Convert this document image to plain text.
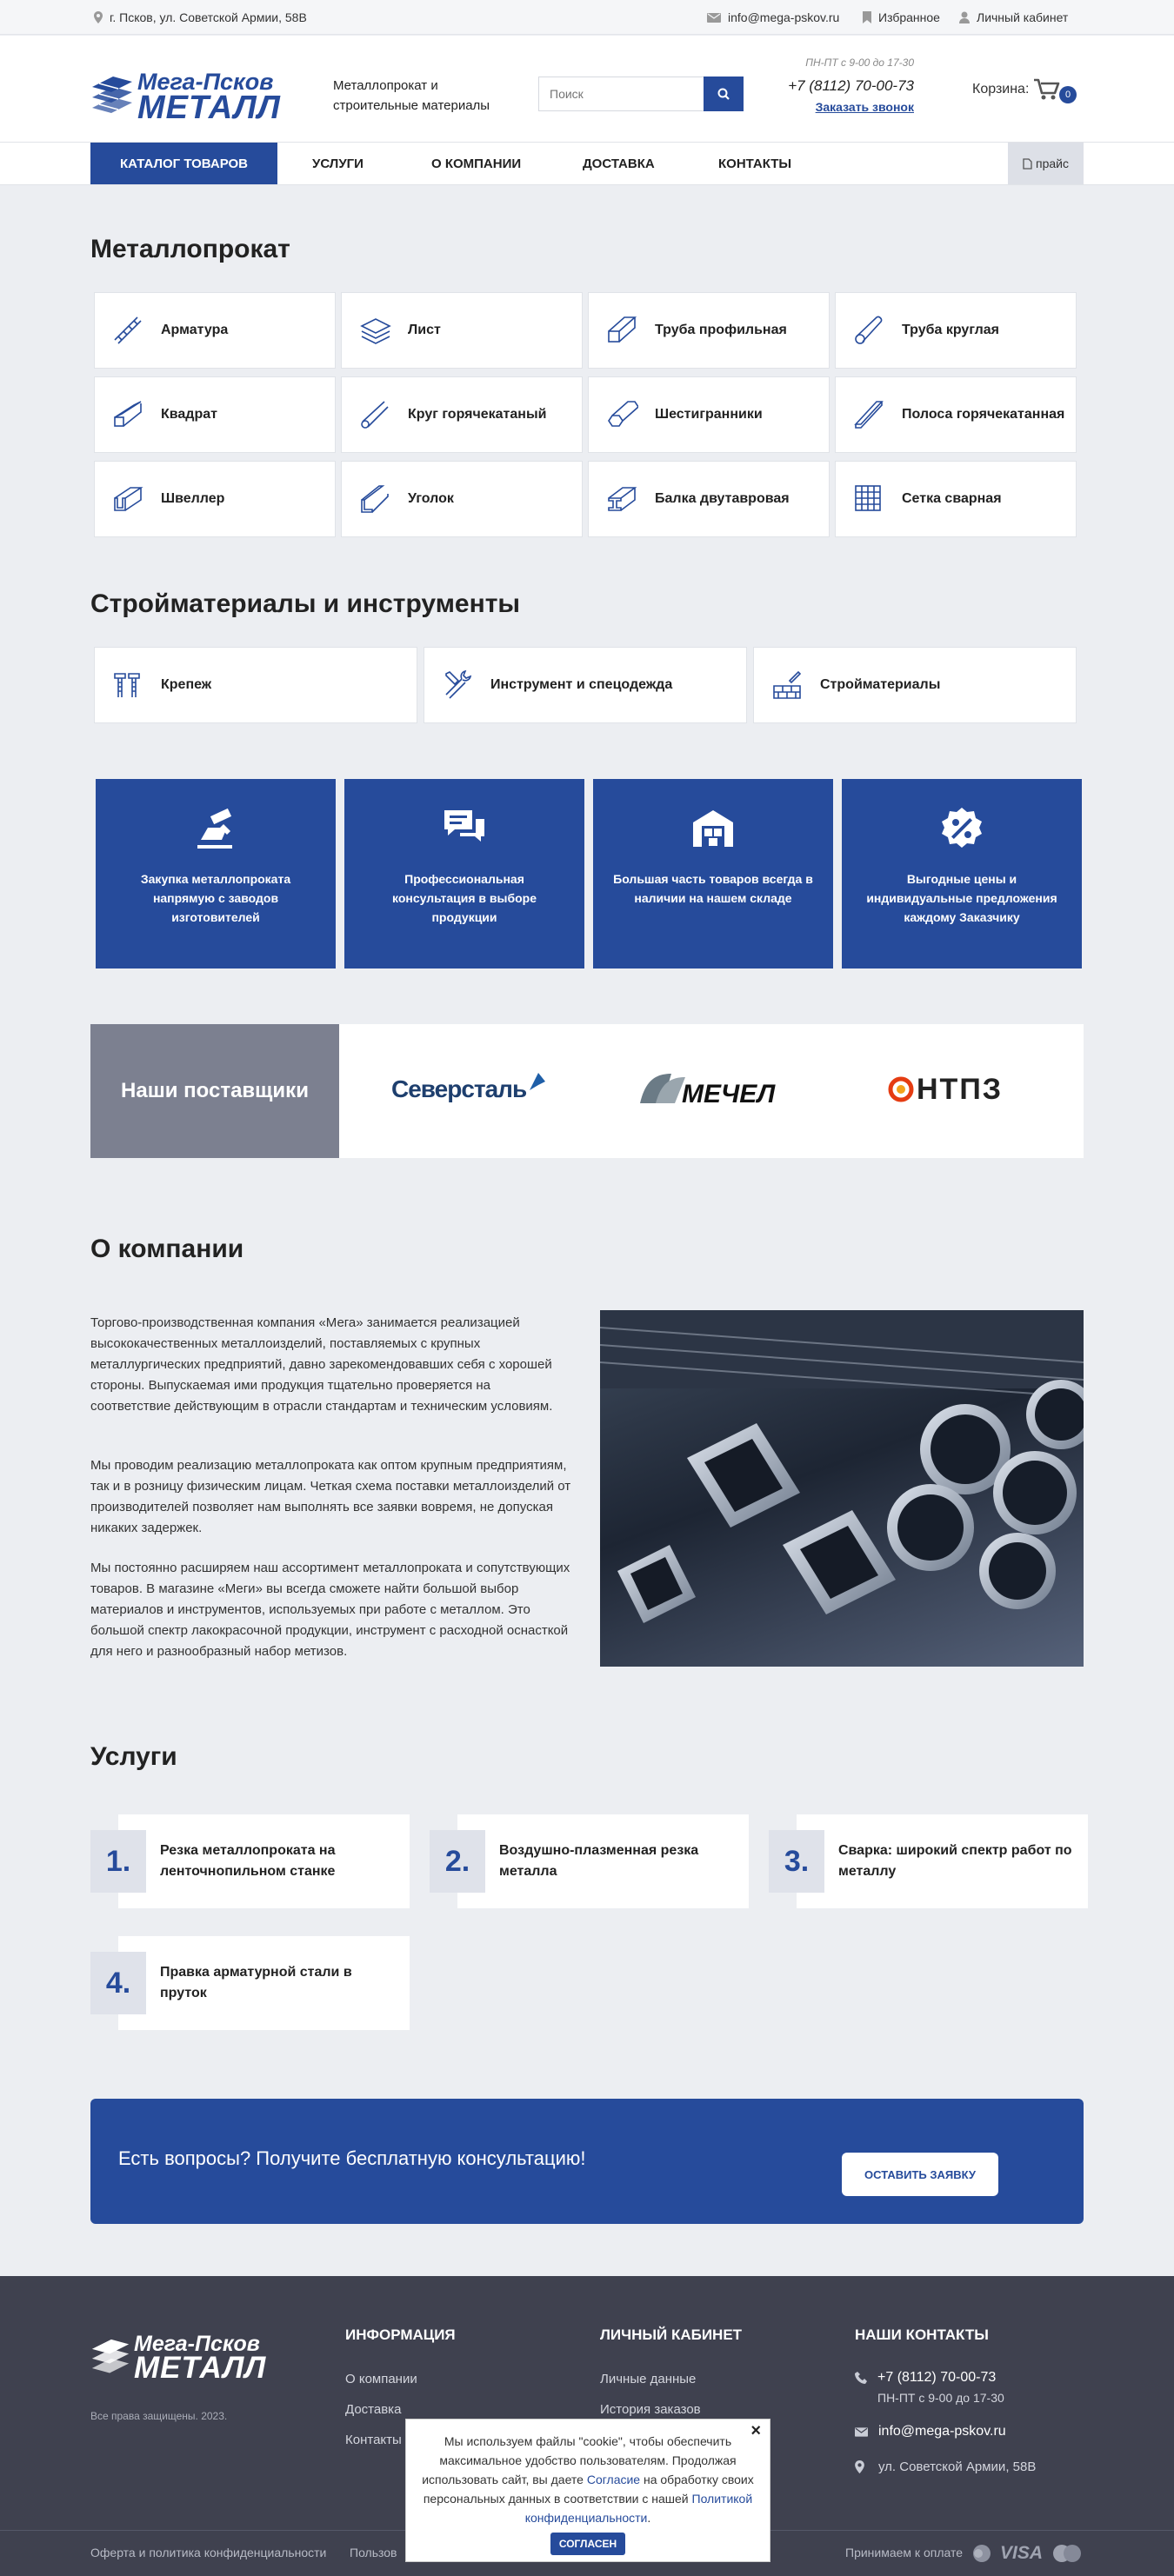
г. Псков, ул. Советской Армии, 58В	info@mega-pskov.ru	Избранное	Личный кабинет
Мега-Псков
МЕТАЛЛ
Металлопрокат и строительные материалы
Поиск
ПН-ПТ с 9-00 до 17-30
+7 (8112) 70-00-73
Заказать звонок
Корзина:	0
КАТАЛОГ ТОВАРОВ	УСЛУГИ	О КОМПАНИИ	ДОСТАВКА	КОНТАКТЫ	прайс
Металлопрокат
Арматура	Лист	Труба профильная	Труба круглая
Квадрат	Круг горячекатаный	Шестигранники	Полоса горячекатанная
Швеллер	Уголок	Балка двутавровая	Сетка сварная
Стройматериалы и инструменты
Крепеж	Инструмент и спецодежда	Стройматериалы
Закупка металлопроката напрямую с заводов изготовителей
Профессиональная консультация в выборе продукции
Большая часть товаров всегда в наличии на нашем складе
Выгодные цены и индивидуальные предложения каждому Заказчику
Наши поставщики	Северсталь	МЕЧЕЛ	НТПЗ
О компании

Торгово-производственная компания «Мега» занимается реализацией высококачественных металлоизделий, поставляемых с крупных металлургических предприятий, давно зарекомендовавших себя с хорошей стороны. Выпускаемая ими продукция тщательно проверяется на соответствие действующим в отрасли стандартам и техническим условиям.

Мы проводим реализацию металлопроката как оптом крупным предприятиям, так и в розницу физическим лицам. Четкая схема поставки металлоизделий от производителей позволяет нам выполнять все заявки вовремя, не допуская никаких задержек.

Мы постоянно расширяем наш ассортимент металлопроката и сопутствующих товаров. В магазине «Меги» вы всегда сможете найти большой выбор материалов и инструментов, используемых при работе с металлом. Это большой спектр лакокрасочной продукции, инструмент с расходной оснасткой для него и разнообразный набор метизов.

Услуги
1.	Резка металлопроката на ленточнопильном станке	2.	Воздушно-плазменная резка металла	3.	Сварка: широкий спектр работ по металлу
4.	Правка арматурной стали в пруток
Есть вопросы? Получите бесплатную консультацию!
ОСТАВИТЬ ЗАЯВКУ
Мега-Псков
МЕТАЛЛ
Все права защищены. 2023.
ИНФОРМАЦИЯ
О компании
Доставка
Контакты
ЛИЧНЫЙ КАБИНЕТ
Личные данные
История заказов
НАШИ КОНТАКТЫ
+7 (8112) 70-00-73
ПН-ПТ с 9-00 до 17-30
info@mega-pskov.ru
ул. Советской Армии, 58В
Оферта и политика конфиденциальности Пользов	Принимаем к оплате VISA
×
Мы используем файлы "cookie", чтобы обеспечить максимальное удобство пользователям. Продолжая использовать сайт, вы даете Согласие на обработку своих персональных данных в соответствии с нашей Политикой конфиденциальности.
СОГЛАСЕН
